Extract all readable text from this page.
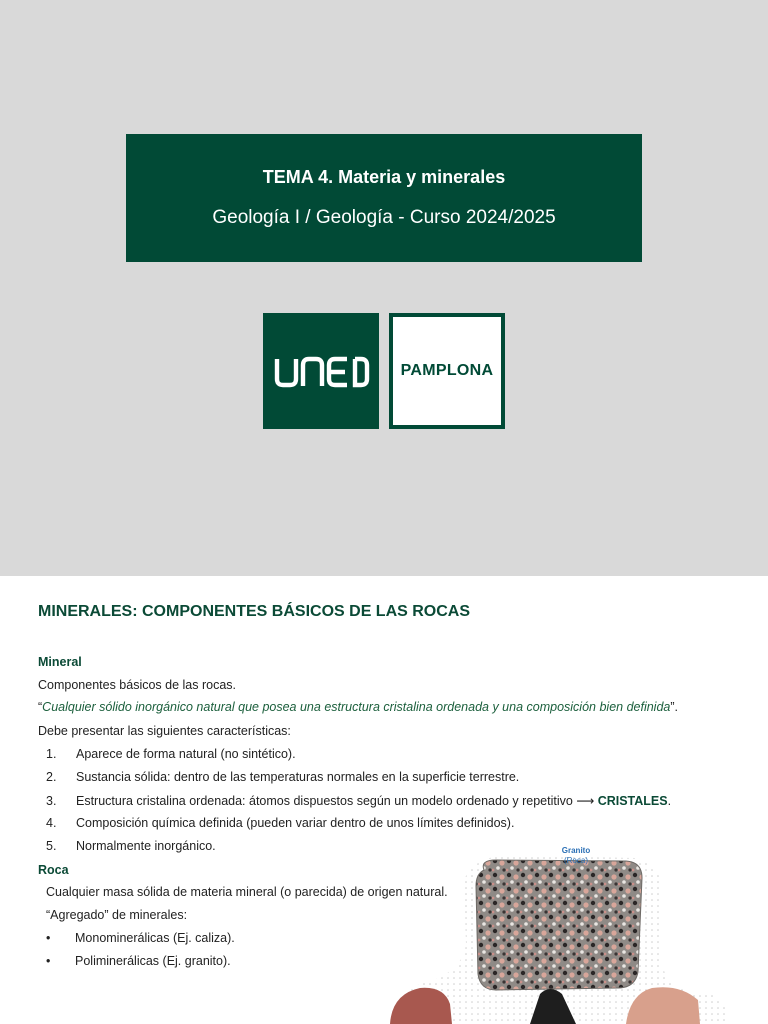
TEMA 4. Materia y minerales
Geología I / Geología - Curso 2024/2025
PAMPLONA
MINERALES: COMPONENTES BÁSICOS DE LAS ROCAS
Mineral
Componentes básicos de las rocas.
“Cualquier sólido inorgánico natural que posea una estructura cristalina ordenada y una composición bien definida”.
Debe presentar las siguientes características:
1. Aparece de forma natural (no sintético).
2. Sustancia sólida: dentro de las temperaturas normales en la superficie terrestre.
3. Estructura cristalina ordenada: átomos dispuestos según un modelo ordenado y repetitivo ⟶ CRISTALES.
4. Composición química definida (pueden variar dentro de unos límites definidos).
5. Normalmente inorgánico.
Roca
Cualquier masa sólida de materia mineral (o parecida) de origen natural.
“Agregado” de minerales:
• Monominerálicas (Ej. caliza).
• Poliminerálicas (Ej. granito).
Granito
(Roca)
